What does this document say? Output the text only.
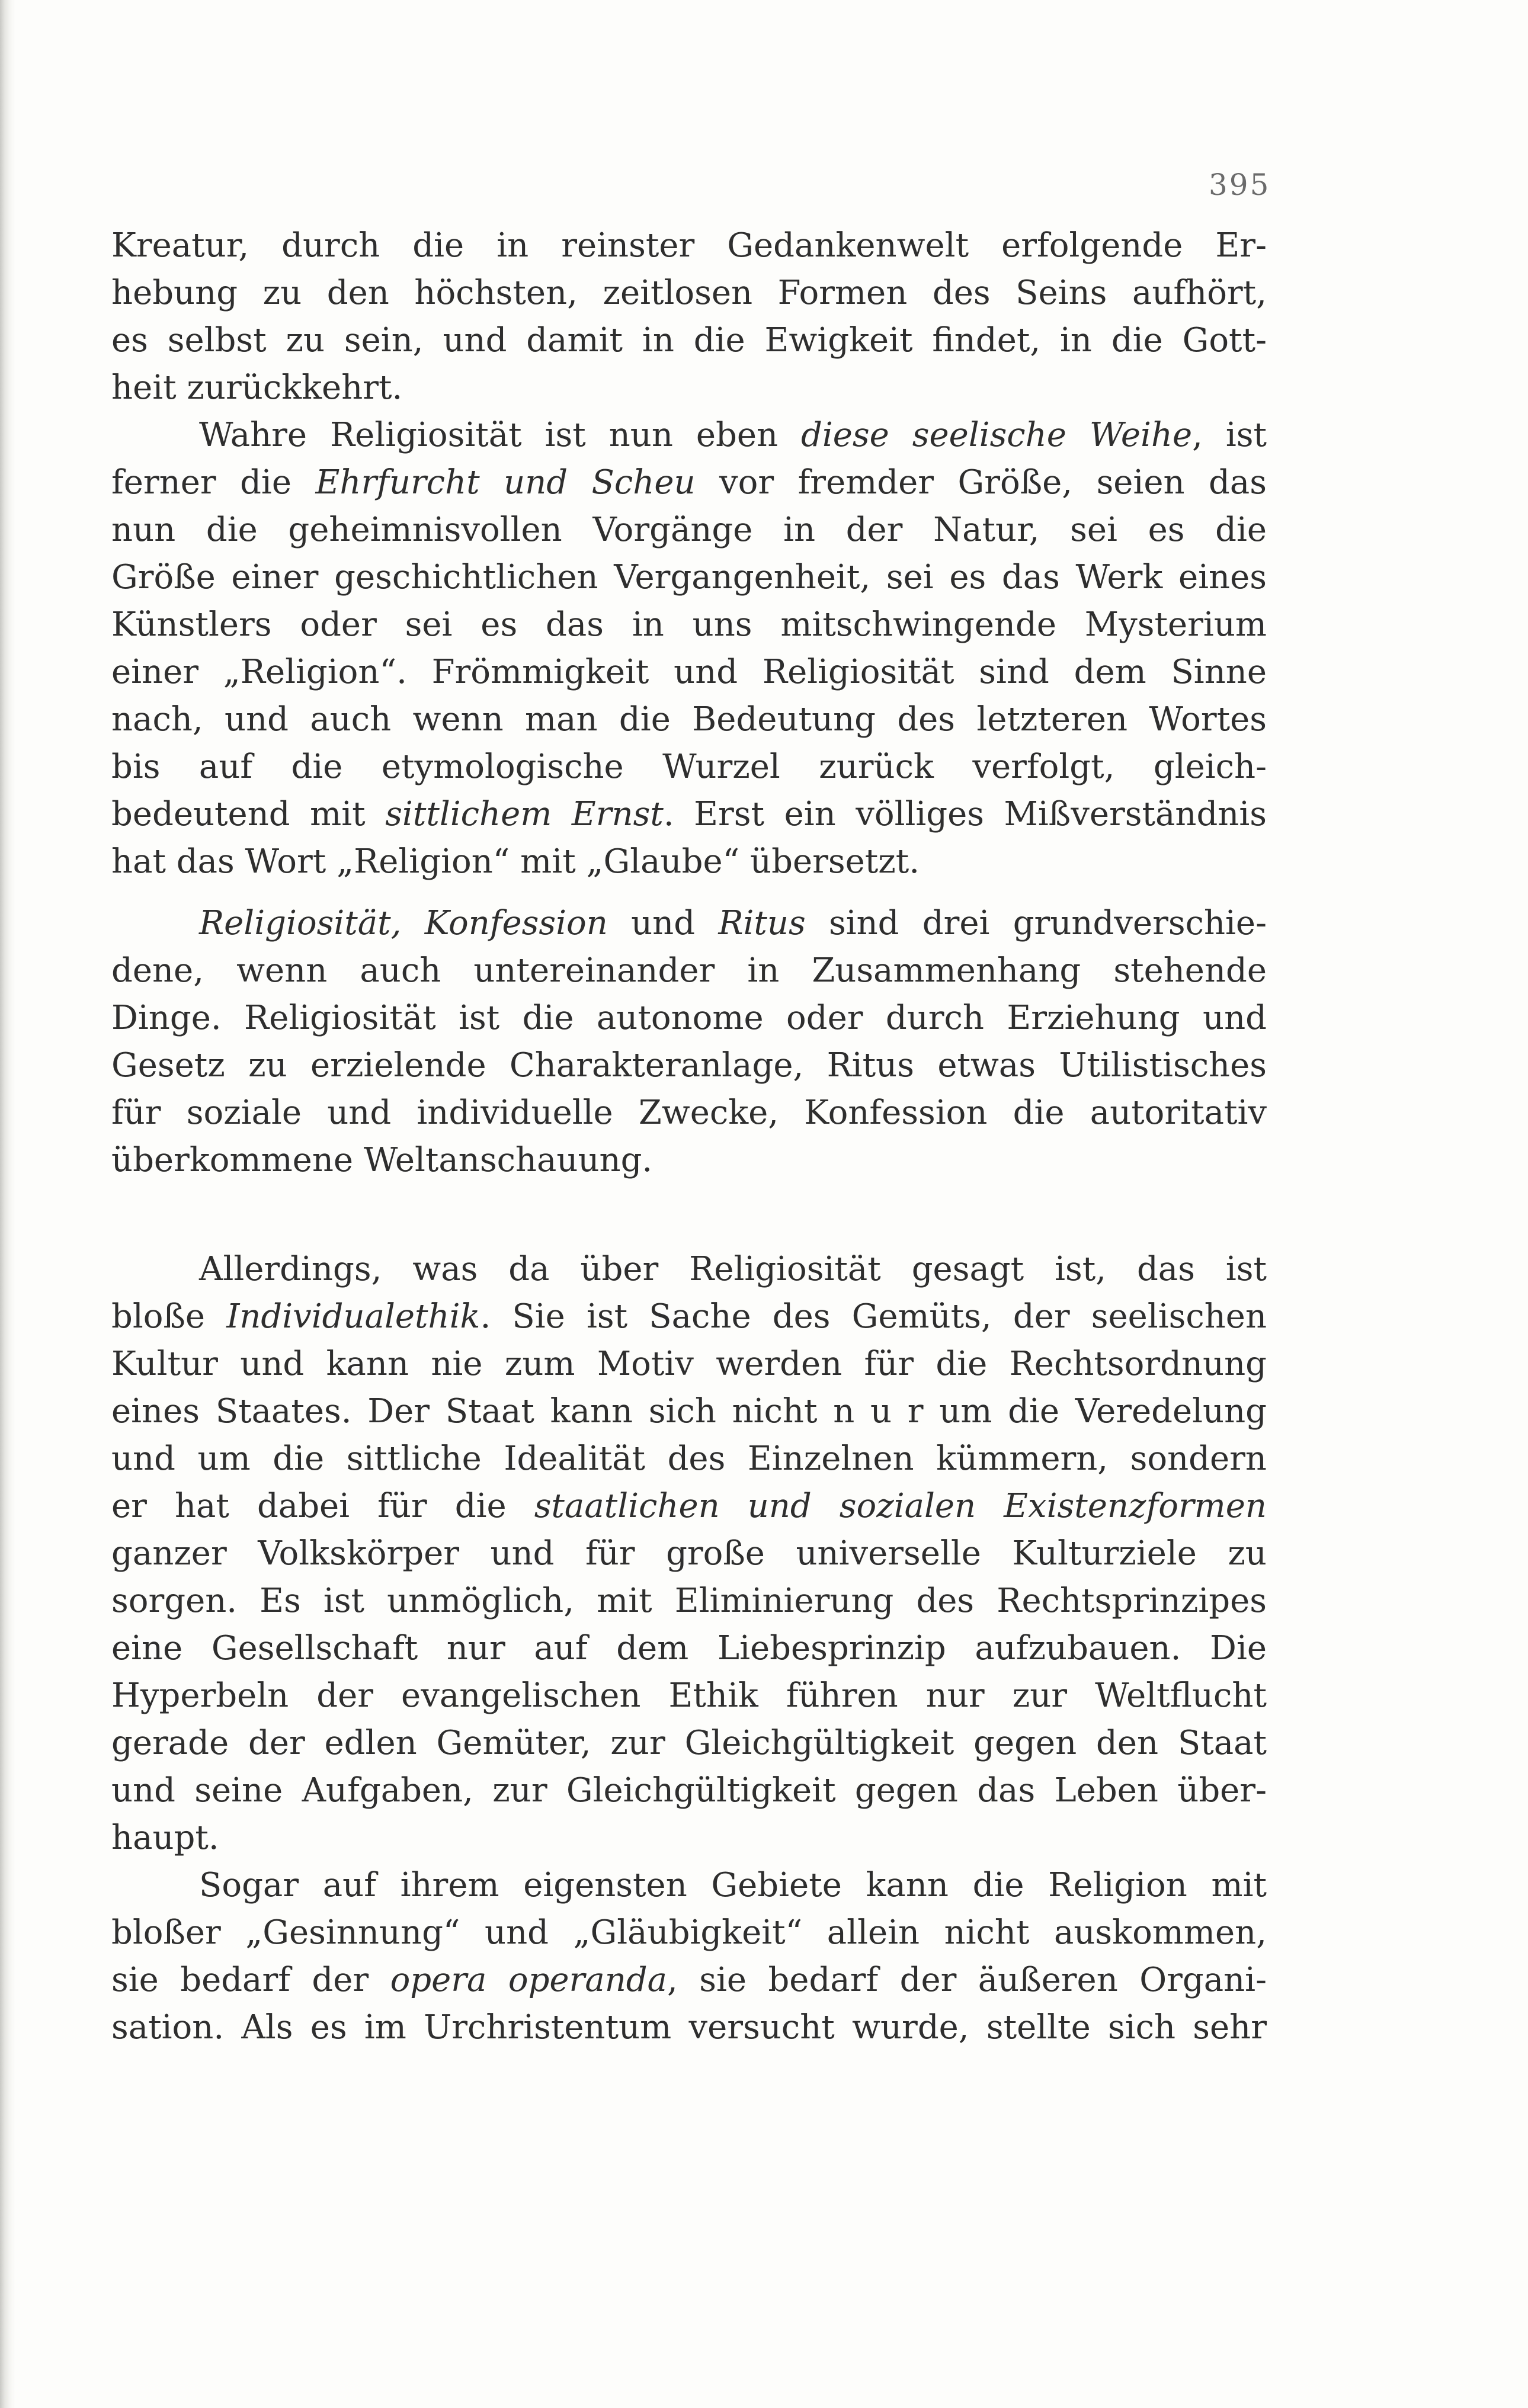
395
Kreatur, durch die in reinster Gedankenwelt erfolgende Er-
hebung zu den höchsten, zeitlosen Formen des Seins aufhört,
es selbst zu sein, und damit in die Ewigkeit findet, in die Gott-
heit zurückkehrt.
Wahre Religiosität ist nun eben diese seelische Weihe, ist
ferner die Ehrfurcht und Scheu vor fremder Größe, seien das
nun die geheimnisvollen Vorgänge in der Natur, sei es die
Größe einer geschichtlichen Vergangenheit, sei es das Werk eines
Künstlers oder sei es das in uns mitschwingende Mysterium
einer „Religion“. Frömmigkeit und Religiosität sind dem Sinne
nach, und auch wenn man die Bedeutung des letzteren Wortes
bis auf die etymologische Wurzel zurück verfolgt, gleich-
bedeutend mit sittlichem Ernst. Erst ein völliges Mißverständnis
hat das Wort „Religion“ mit „Glaube“ übersetzt.
Religiosität, Konfession und Ritus sind drei grundverschie-
dene, wenn auch untereinander in Zusammenhang stehende
Dinge. Religiosität ist die autonome oder durch Erziehung und
Gesetz zu erzielende Charakteranlage, Ritus etwas Utilistisches
für soziale und individuelle Zwecke, Konfession die autoritativ
überkommene Weltanschauung.
Allerdings, was da über Religiosität gesagt ist, das ist
bloße Individualethik. Sie ist Sache des Gemüts, der seelischen
Kultur und kann nie zum Motiv werden für die Rechtsordnung
eines Staates. Der Staat kann sich nicht n u r um die Veredelung
und um die sittliche Idealität des Einzelnen kümmern, sondern
er hat dabei für die staatlichen und sozialen Existenzformen
ganzer Volkskörper und für große universelle Kulturziele zu
sorgen. Es ist unmöglich, mit Eliminierung des Rechtsprinzipes
eine Gesellschaft nur auf dem Liebesprinzip aufzubauen. Die
Hyperbeln der evangelischen Ethik führen nur zur Weltflucht
gerade der edlen Gemüter, zur Gleichgültigkeit gegen den Staat
und seine Aufgaben, zur Gleichgültigkeit gegen das Leben über-
haupt.
Sogar auf ihrem eigensten Gebiete kann die Religion mit
bloßer „Gesinnung“ und „Gläubigkeit“ allein nicht auskommen,
sie bedarf der opera operanda, sie bedarf der äußeren Organi-
sation. Als es im Urchristentum versucht wurde, stellte sich sehr
